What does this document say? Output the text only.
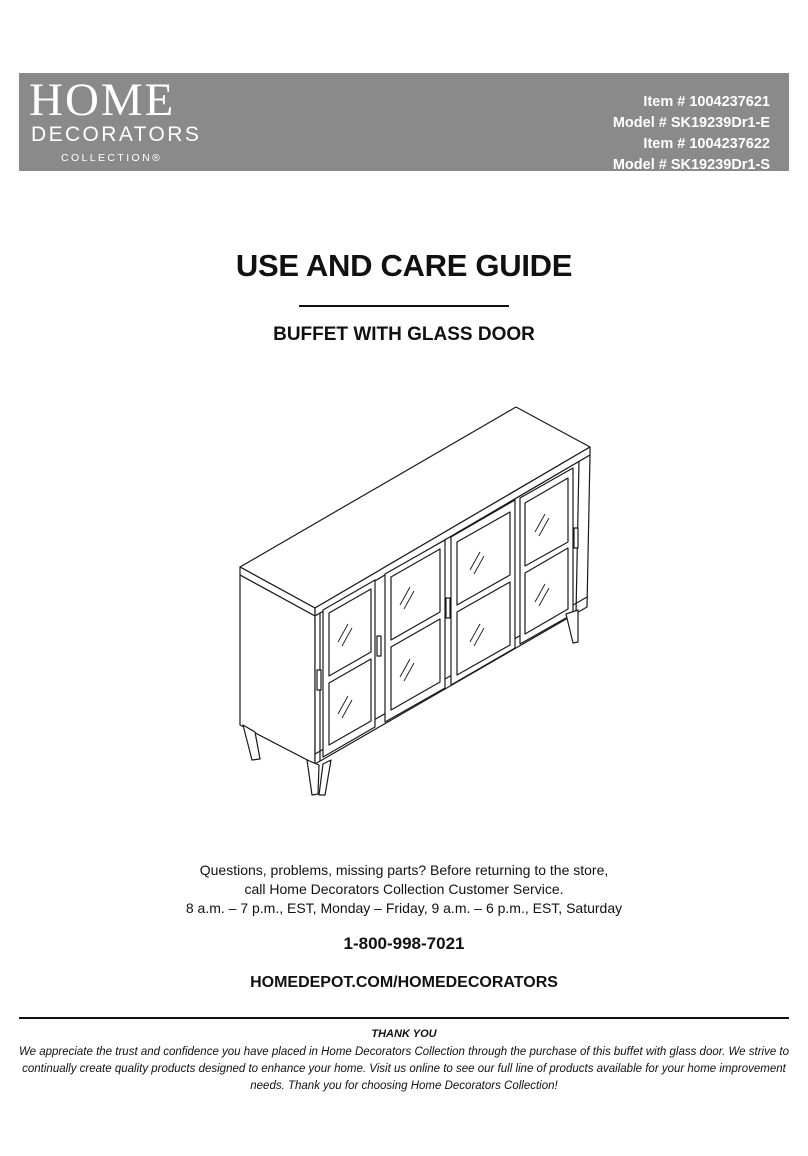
HOME
DECORATORS
COLLECTION®
Item # 1004237621
Model # SK19239Dr1-E
Item # 1004237622
Model # SK19239Dr1-S
USE AND CARE GUIDE
BUFFET WITH GLASS DOOR
Questions, problems, missing parts? Before returning to the store,
call Home Decorators Collection Customer Service.
8 a.m. – 7 p.m., EST, Monday – Friday, 9 a.m. – 6 p.m., EST, Saturday
1-800-998-7021
HOMEDEPOT.COM/HOMEDECORATORS
THANK YOU
We appreciate the trust and confidence you have placed in Home Decorators Collection through the purchase of this buffet with glass door. We strive to continually create quality products designed to enhance your home. Visit us online to see our full line of products available for your home improvement needs. Thank you for choosing Home Decorators Collection!
